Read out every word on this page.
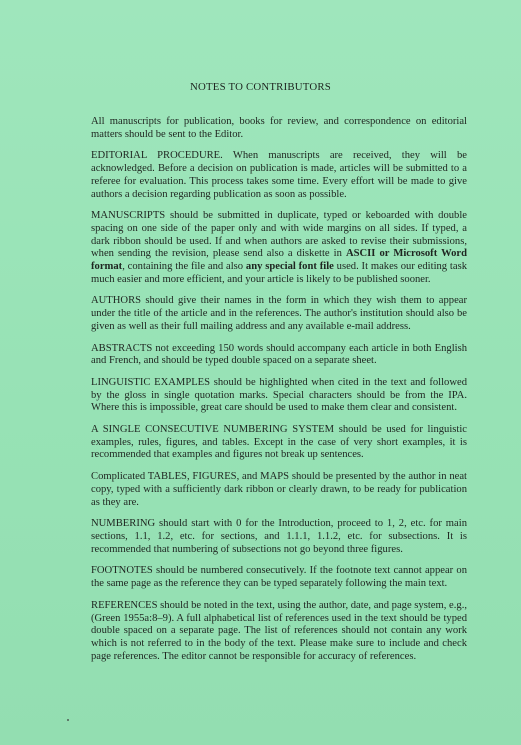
NOTES TO CONTRIBUTORS

All manuscripts for publication, books for review, and correspondence on editorial matters should be sent to the Editor.

EDITORIAL PROCEDURE. When manuscripts are received, they will be acknowledged. Before a decision on publication is made, articles will be submitted to a referee for evaluation. This process takes some time. Every effort will be made to give authors a decision regarding publication as soon as possible.

MANUSCRIPTS should be submitted in duplicate, typed or keboarded with double spacing on one side of the paper only and with wide margins on all sides. If typed, a dark ribbon should be used. If and when authors are asked to revise their submissions, when sending the revision, please send also a diskette in ASCII or Microsoft Word format, containing the file and also any special font file used. It makes our editing task much easier and more efficient, and your article is likely to be published sooner.

AUTHORS should give their names in the form in which they wish them to appear under the title of the article and in the references. The author's institution should also be given as well as their full mailing address and any available e-mail address.

ABSTRACTS not exceeding 150 words should accompany each article in both English and French, and should be typed double spaced on a separate sheet.

LINGUISTIC EXAMPLES should be highlighted when cited in the text and followed by the gloss in single quotation marks. Special characters should be from the IPA. Where this is impossible, great care should be used to make them clear and consistent.

A SINGLE CONSECUTIVE NUMBERING SYSTEM should be used for linguistic examples, rules, figures, and tables. Except in the case of very short examples, it is recommended that examples and figures not break up sentences.

Complicated TABLES, FIGURES, and MAPS should be presented by the author in neat copy, typed with a sufficiently dark ribbon or clearly drawn, to be ready for publication as they are.

NUMBERING should start with 0 for the Introduction, proceed to 1, 2, etc. for main sections, 1.1, 1.2, etc. for sections, and 1.1.1, 1.1.2, etc. for subsections. It is recommended that numbering of subsections not go beyond three figures.

FOOTNOTES should be numbered consecutively. If the footnote text cannot appear on the same page as the reference they can be typed separately following the main text.

REFERENCES should be noted in the text, using the author, date, and page system, e.g., (Green 1955a:8–9). A full alphabetical list of references used in the text should be typed double spaced on a separate page. The list of references should not contain any work which is not referred to in the body of the text. Please make sure to include and check page references. The editor cannot be responsible for accuracy of references.
